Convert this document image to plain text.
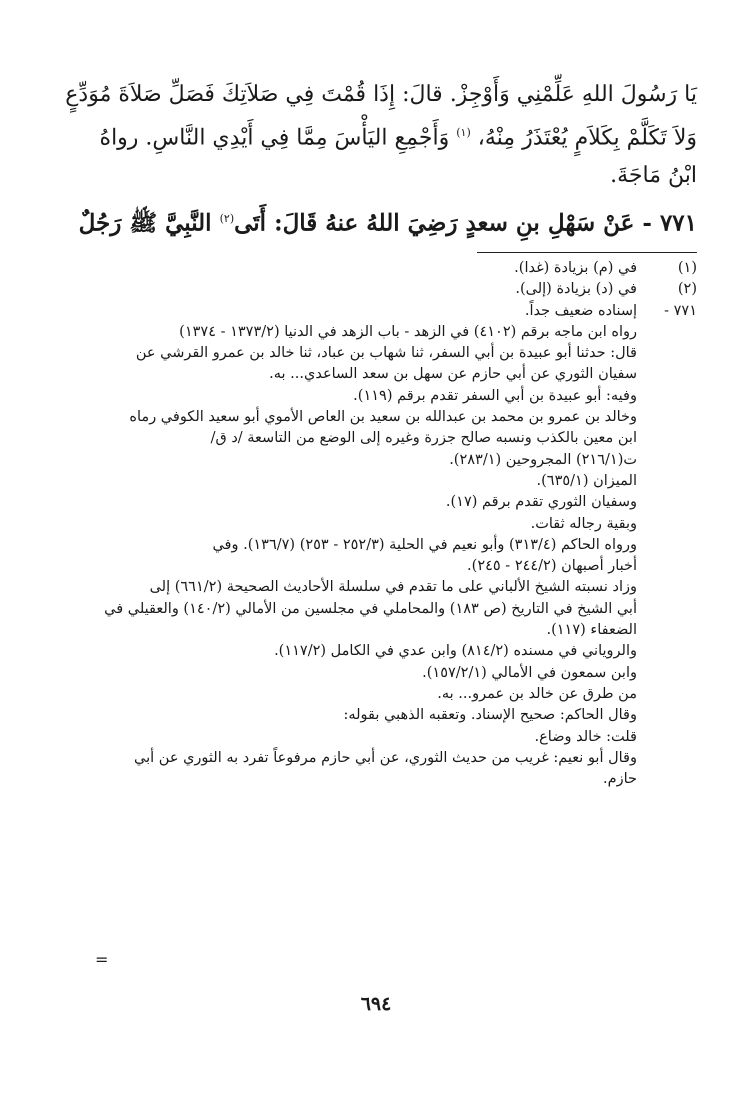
يَا رَسُولَ اللهِ عَلِّمْنِي وَأَوْجِزْ. قالَ: إِذَا قُمْتَ فِي صَلاَتِكَ فَصَلِّ صَلاَةَ مُوَدِّعٍ
وَلاَ تَكَلَّمْ بِكَلاَمٍ يُعْتَذَرُ مِنْهُ، $^{(١)}$ وَأَجْمِعِ اليَأْسَ مِمَّا فِي أَيْدِي النَّاسِ. رواهُ
ابْنُ مَاجَةَ.
٧٧١ - عَنْ سَهْلِ بنِ سعدٍ رَضِيَ اللهُ عنهُ قَالَ: أَتَى$^{(٢)}$ النَّبِيَّ ﷺ رَجُلٌ
(١)
في (م) بزيادة (غدا).
(٢)
في (د) بزيادة (إلى).
٧٧١ -
إسناده ضعيف جداً.
رواه ابن ماجه برقم (٤١٠٢) في الزهد - باب الزهد في الدنيا (١٣٧٣/٢ - ١٣٧٤)
قال: حدثنا أبو عبيدة بن أبي السفر، ثنا شهاب بن عباد، ثنا خالد بن عمرو القرشي عن
سفيان الثوري عن أبي حازم عن سهل بن سعد الساعدي... به.
وفيه: أبو عبيدة بن أبي السفر تقدم برقم (١١٩).
وخالد بن عمرو بن محمد بن عبدالله بن سعيد بن العاص الأموي أبو سعيد الكوفي رماه
ابن معين بالكذب ونسبه صالح جزرة وغيره إلى الوضع من التاسعة /د ق/
ت(٢١٦/١) المجروحين (٢٨٣/١).
الميزان (٦٣٥/١).
وسفيان الثوري تقدم برقم (١٧).
وبقية رجاله ثقات.
ورواه الحاكم (٣١٣/٤) وأبو نعيم في الحلية (٢٥٢/٣ - ٢٥٣) (١٣٦/٧). وفي
أخبار أصبهان (٢٤٤/٢ - ٢٤٥).
وزاد نسبته الشيخ الألباني على ما تقدم في سلسلة الأحاديث الصحيحة (٦٦١/٢) إلى
أبي الشيخ في التاريخ (ص ١٨٣) والمحاملي في مجلسين من الأمالي (١٤٠/٢) والعقيلي في
الضعفاء (١١٧).
والروياني في مسنده (٨١٤/٢) وابن عدي في الكامل (١١٧/٢).
وابن سمعون في الأمالي (١٥٧/٢/١).
من طرق عن خالد بن عمرو... به.
وقال الحاكم: صحيح الإسناد. وتعقبه الذهبي بقوله:
قلت: خالد وضاع.
وقال أبو نعيم: غريب من حديث الثوري، عن أبي حازم مرفوعاً تفرد به الثوري عن أبي
حازم.
=
٦٩٤
